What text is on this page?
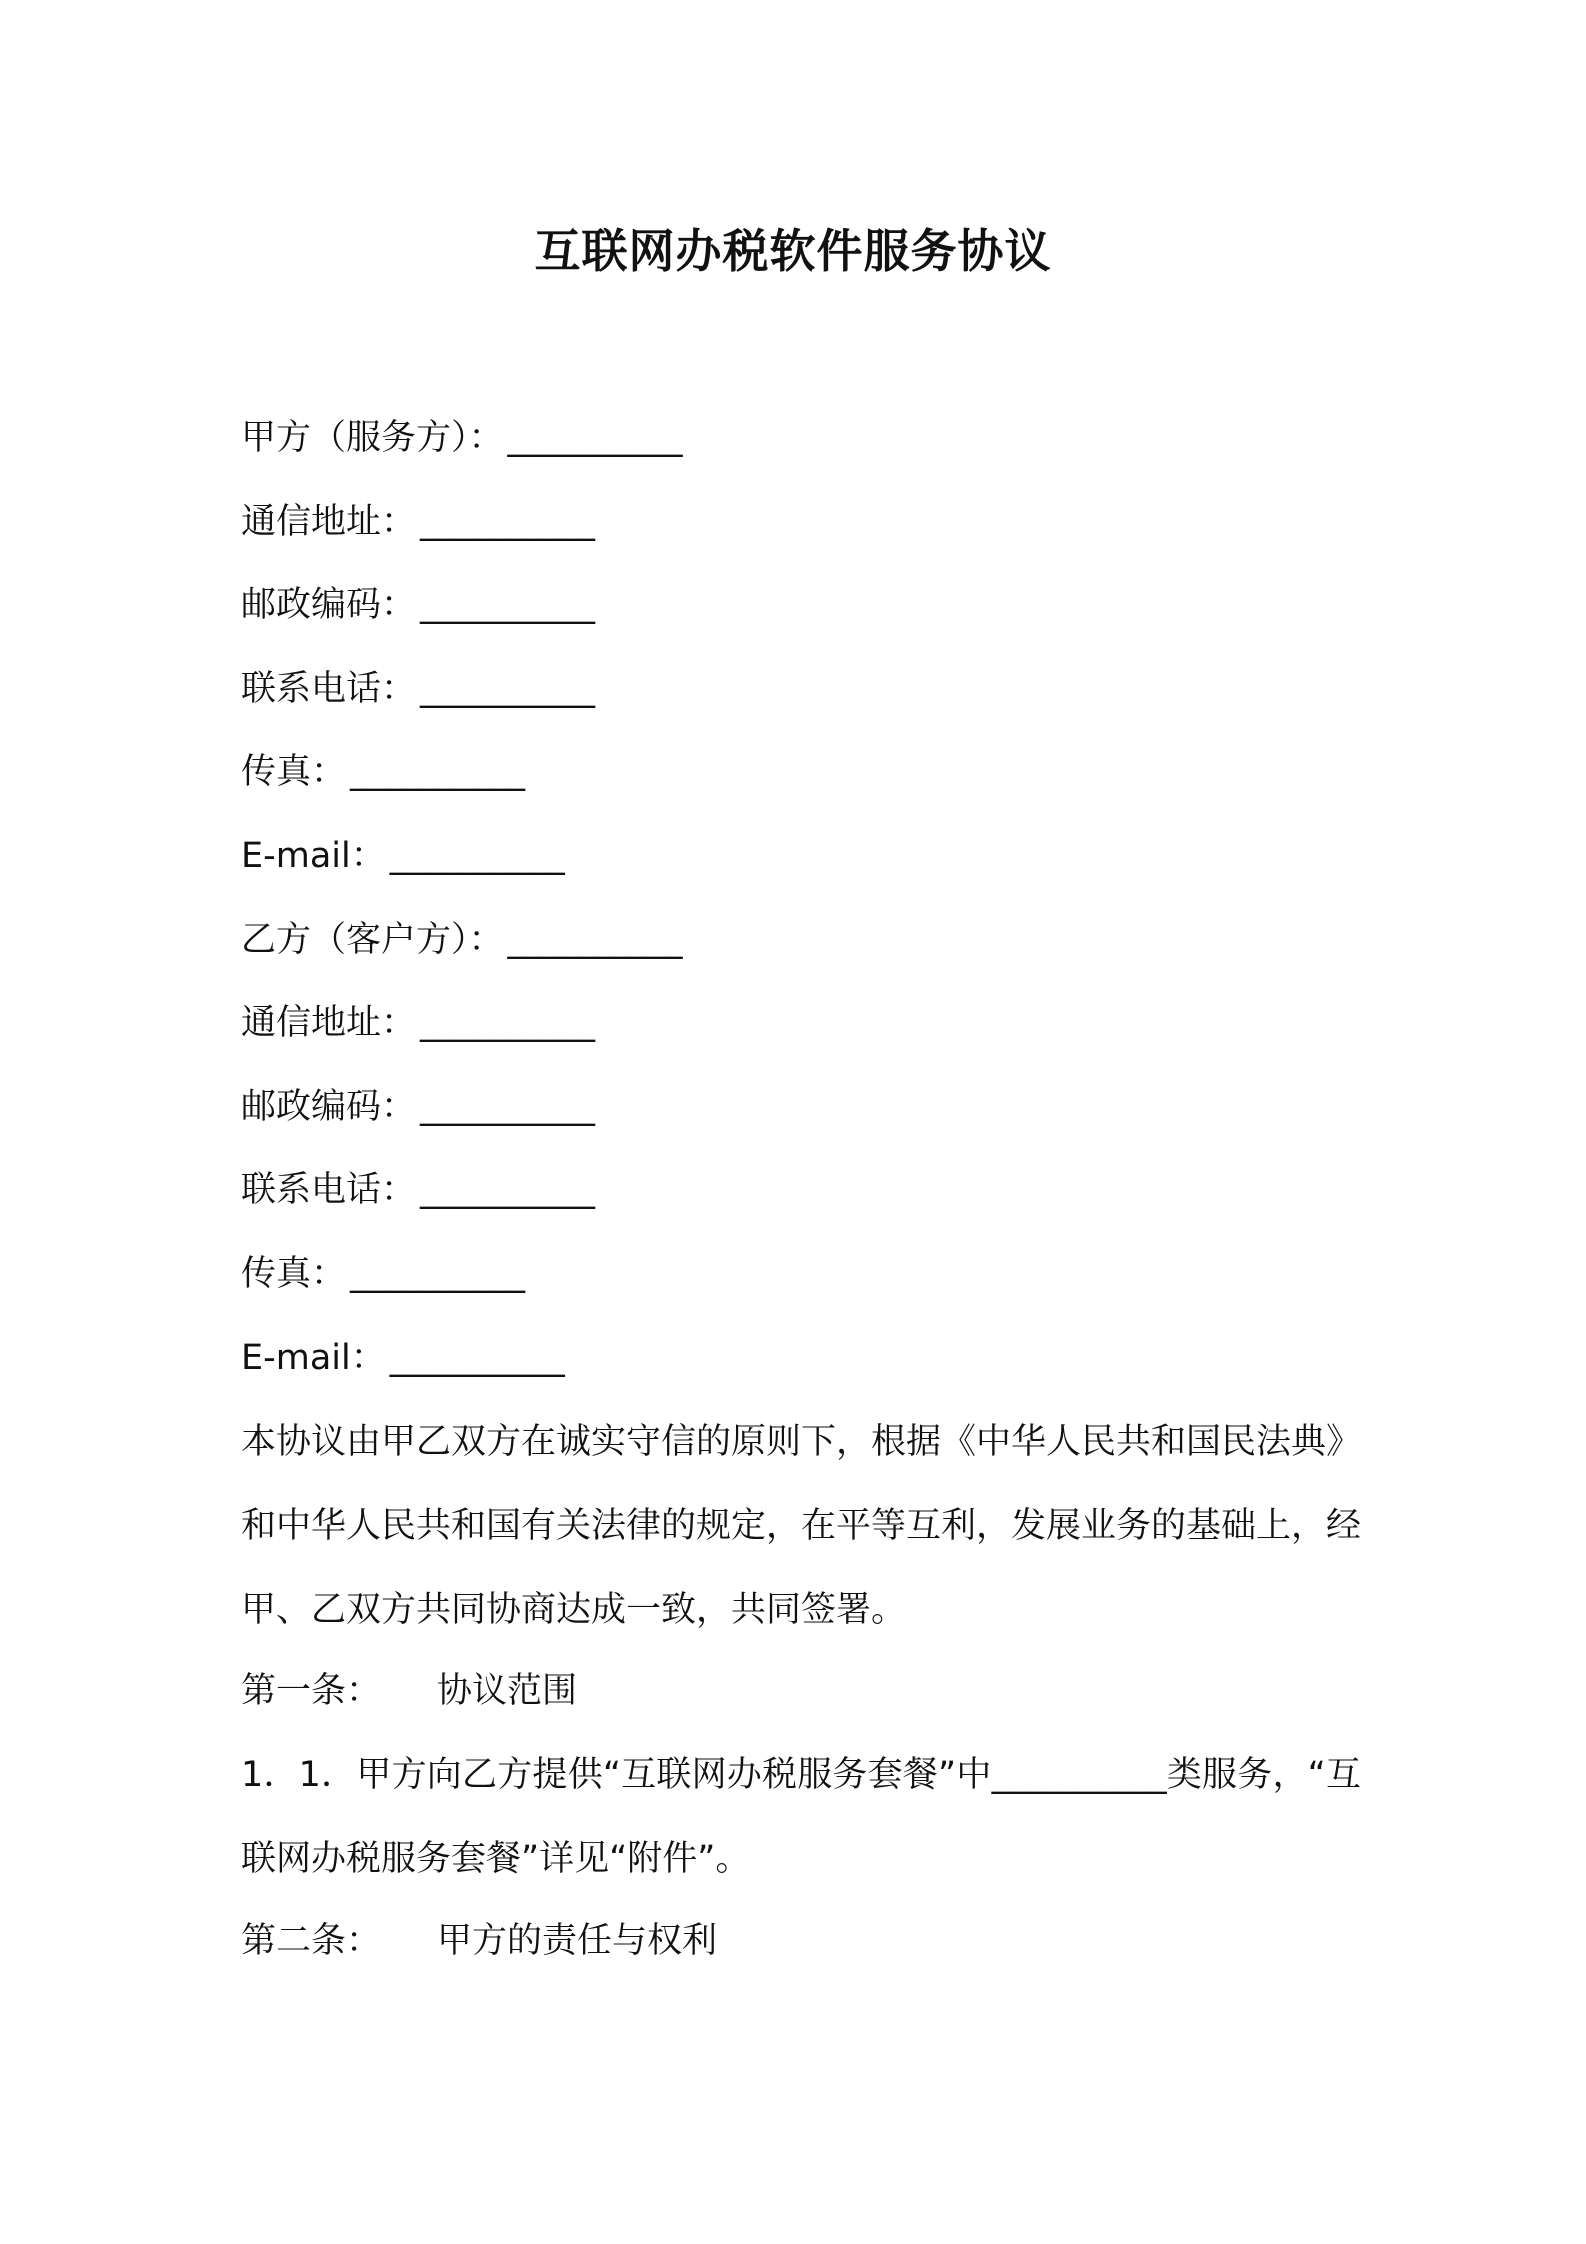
互联网办税软件服务协议
甲方（服务方）： __________
通信地址： __________
邮政编码： __________
联系电话： __________
传真： __________
E-mail： __________
乙方（客户方）： __________
通信地址： __________
邮政编码： __________
联系电话： __________
传真： __________
E-mail： __________

本协议由甲乙双方在诚实守信的原则下，根据《中华人民共和国民法典》和中华人民共和国有关法律的规定，在平等互利，发展业务的基础上，经甲、乙双方共同协商达成一致，共同签署。

第一条： 协议范围

1．1．甲方向乙方提供“互联网办税服务套餐”中__________类服务，“互联网办税服务套餐”详见“附件”。

第二条： 甲方的责任与权利
